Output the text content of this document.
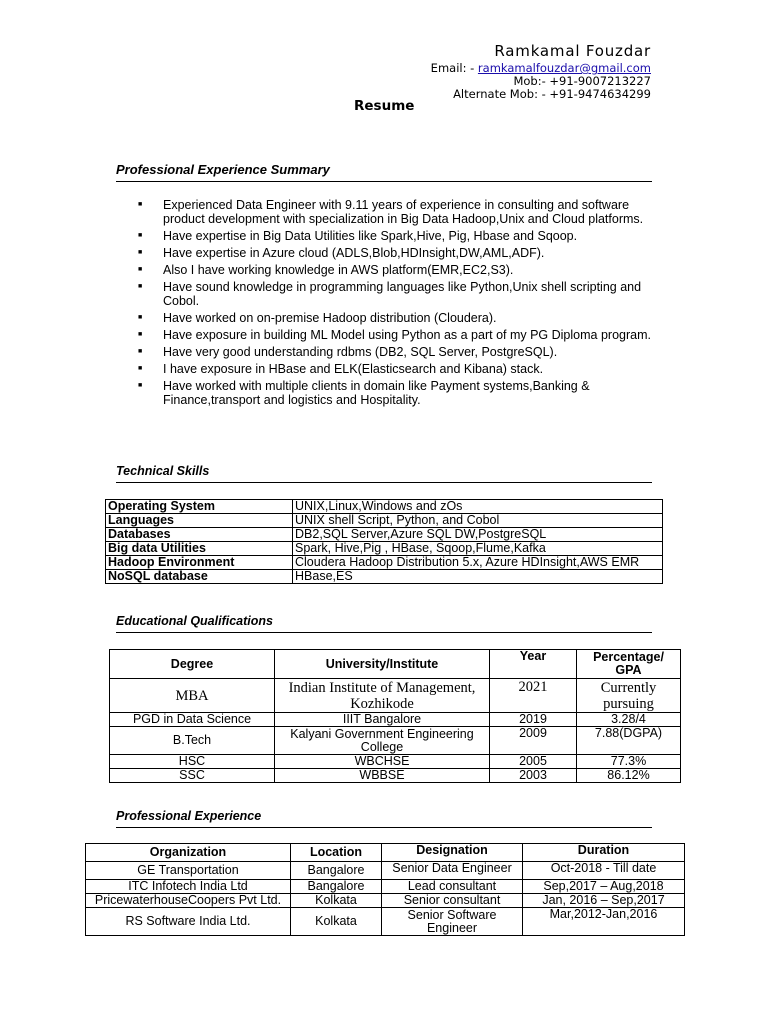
Ramkamal Fouzdar
Email: - ramkamalfouzdar@gmail.com
Mob:- +91-9007213227
Alternate Mob: - +91-9474634299
Resume
Professional Experience Summary
■ Experienced Data Engineer with 9.11 years of experience in consulting and software product development with specialization in Big Data Hadoop,Unix and Cloud platforms.
■ Have expertise in Big Data Utilities like Spark,Hive, Pig, Hbase and Sqoop.
■ Have expertise in Azure cloud (ADLS,Blob,HDInsight,DW,AML,ADF).
■ Also I have working knowledge in AWS platform(EMR,EC2,S3).
■ Have sound knowledge in programming languages like Python,Unix shell scripting and Cobol.
■ Have worked on on-premise Hadoop distribution (Cloudera).
■ Have exposure in building ML Model using Python as a part of my PG Diploma program.
■ Have very good understanding rdbms (DB2, SQL Server, PostgreSQL).
■ I have exposure in HBase and ELK(Elasticsearch and Kibana) stack.
■ Have worked with multiple clients in domain like Payment systems,Banking & Finance,transport and logistics and Hospitality.
Technical Skills
Operating System	UNIX,Linux,Windows and zOs
Languages	UNIX shell Script, Python, and Cobol
Databases	DB2,SQL Server,Azure SQL DW,PostgreSQL
Big data Utilities	Spark, Hive,Pig , HBase, Sqoop,Flume,Kafka
Hadoop Environment	Cloudera Hadoop Distribution 5.x, Azure HDInsight,AWS EMR
NoSQL database	HBase,ES
Educational Qualifications
Degree	University/Institute	Year	Percentage/ GPA
MBA	Indian Institute of Management, Kozhikode	2021	Currently pursuing
PGD in Data Science	IIIT Bangalore	2019	3.28/4
B.Tech	Kalyani Government Engineering College	2009	7.88(DGPA)
HSC	WBCHSE	2005	77.3%
SSC	WBBSE	2003	86.12%
Professional Experience
Organization	Location	Designation	Duration
GE Transportation	Bangalore	Senior Data Engineer	Oct-2018 - Till date
ITC Infotech India Ltd	Bangalore	Lead consultant	Sep,2017 – Aug,2018
PricewaterhouseCoopers Pvt Ltd.	Kolkata	Senior consultant	Jan, 2016 – Sep,2017
RS Software India Ltd.	Kolkata	Senior Software Engineer	Mar,2012-Jan,2016
